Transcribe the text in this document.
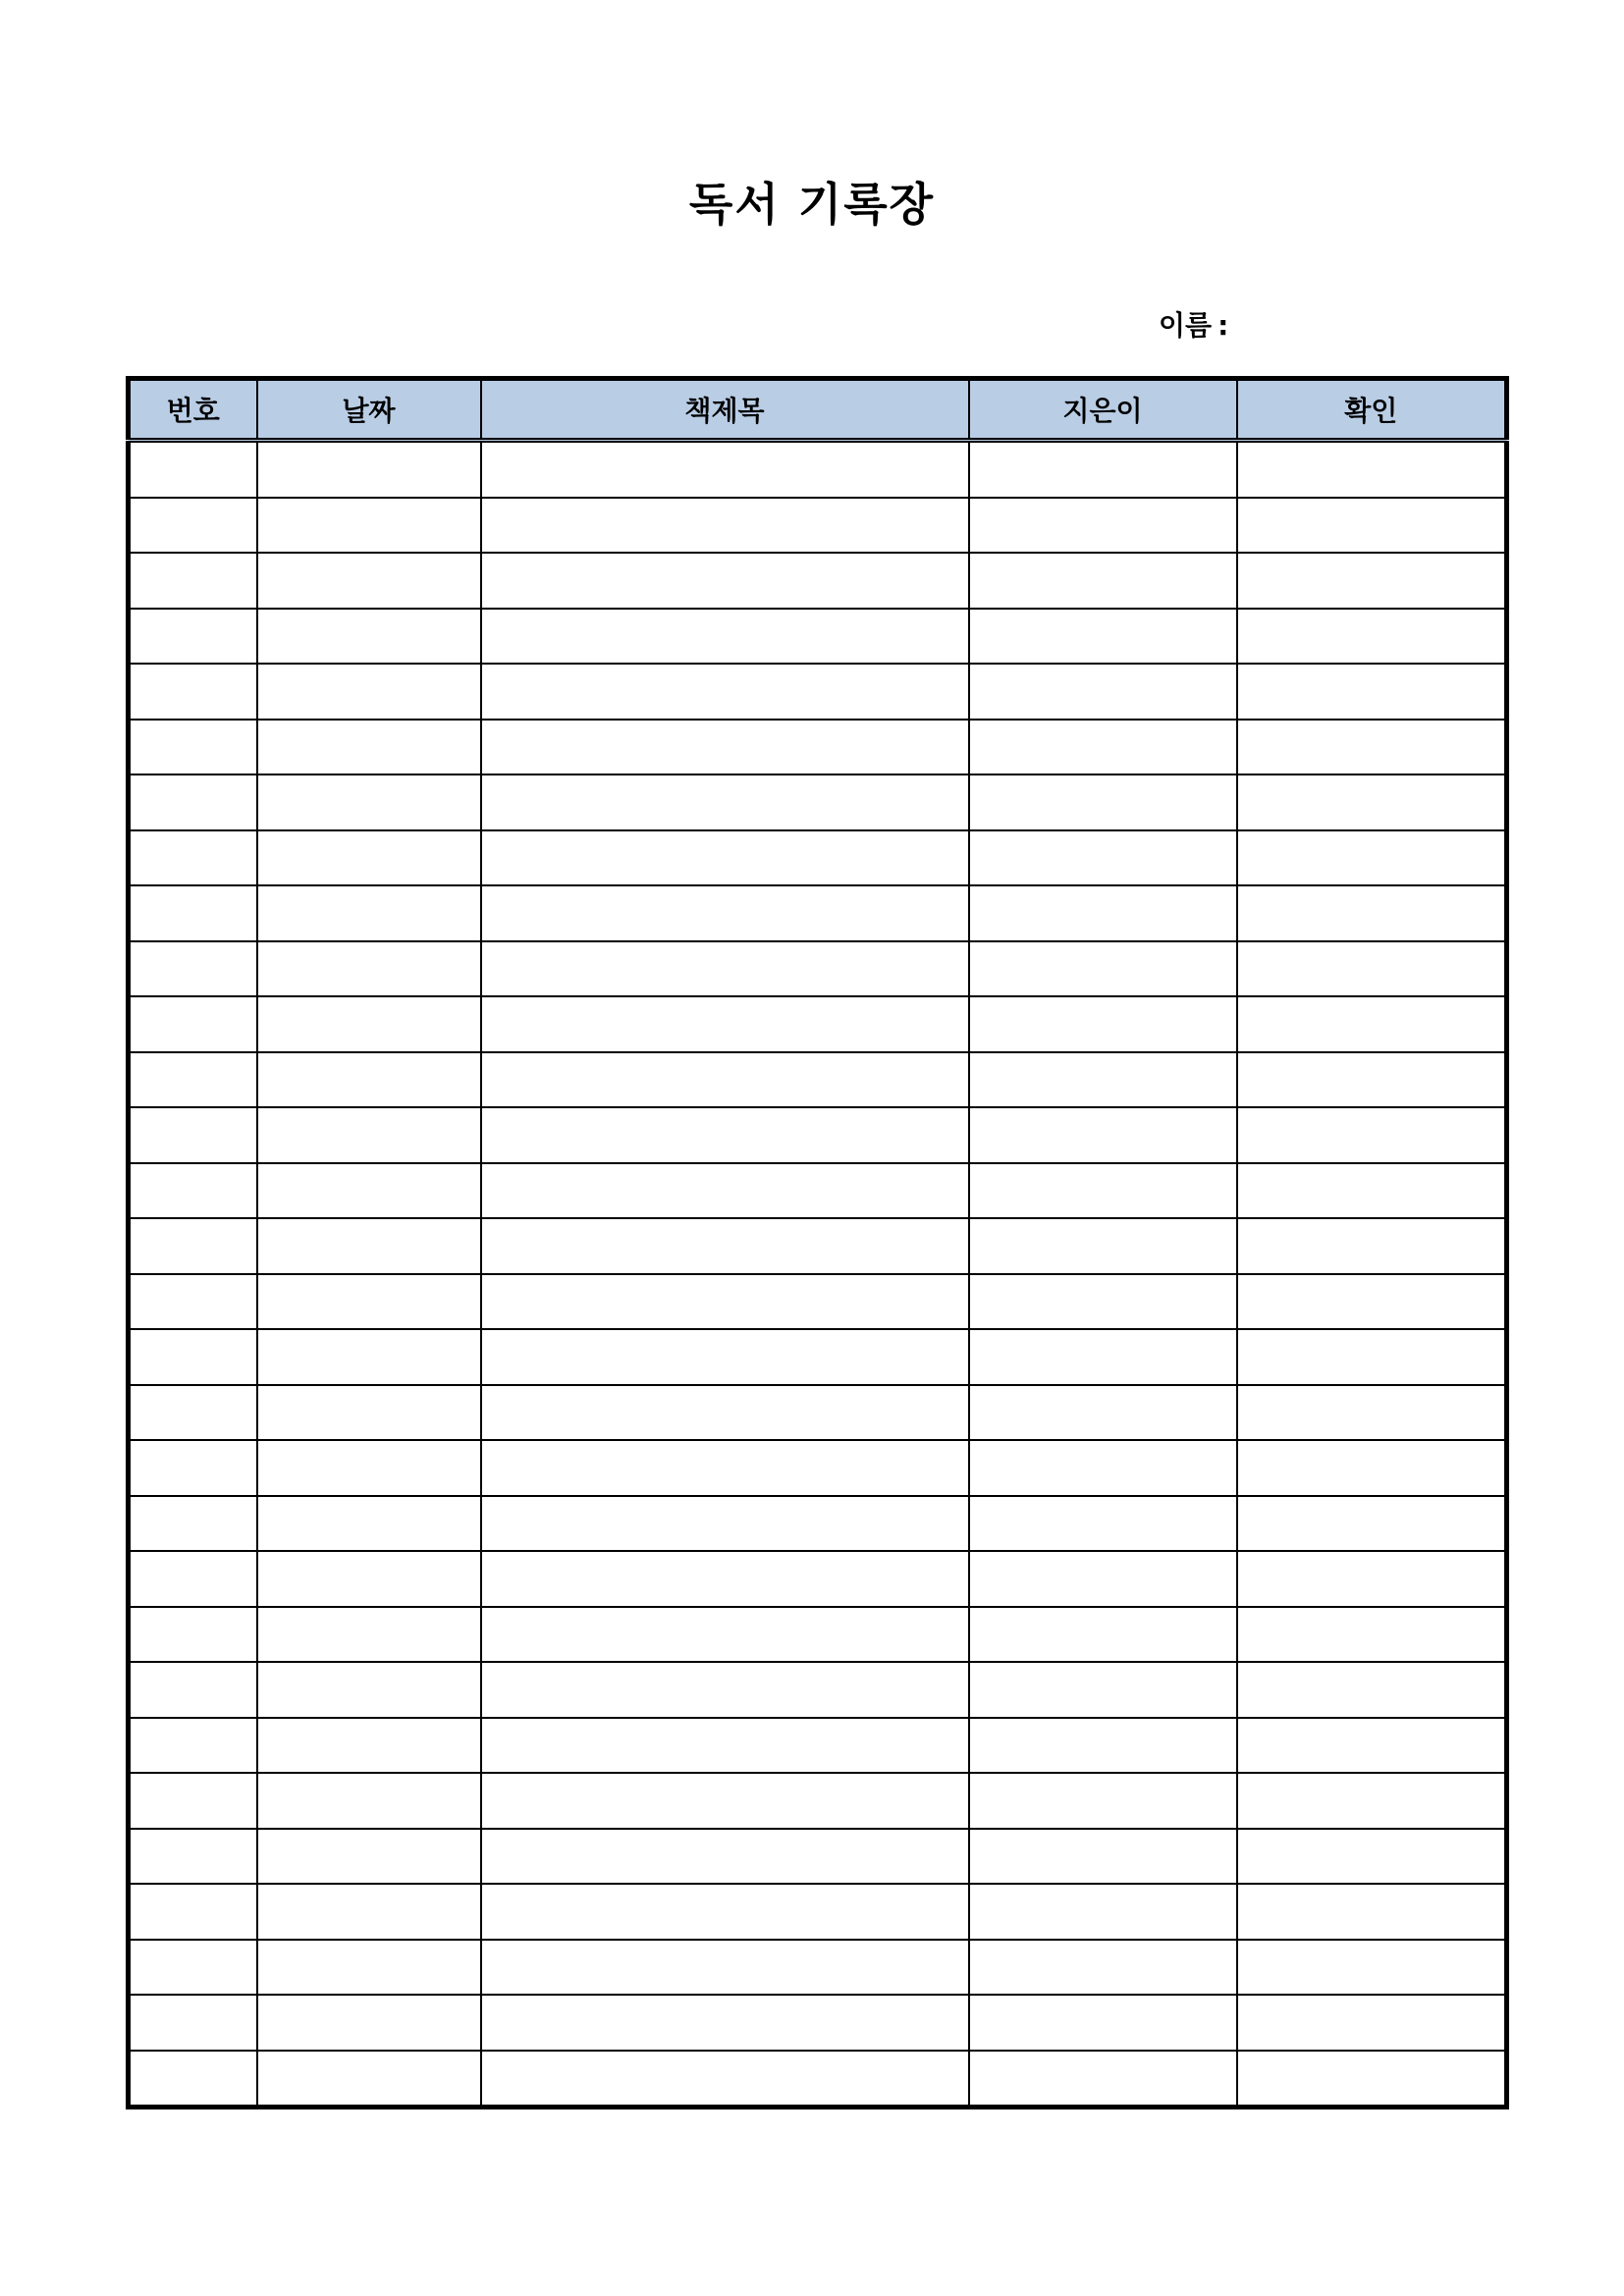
독서 기록장
이름 :
번호	날짜	책제목	지은이	확인
